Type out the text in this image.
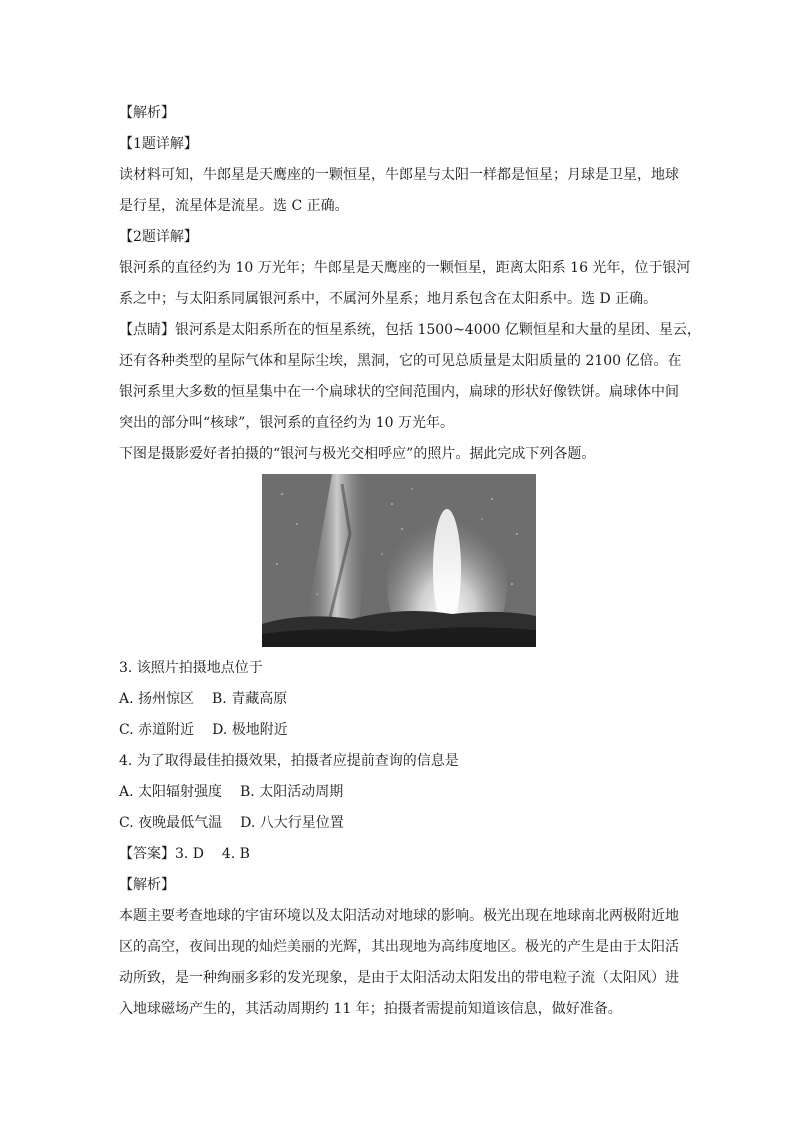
【解析】

【1题详解】

读材料可知，牛郎星是天鹰座的一颗恒星，牛郎星与太阳一样都是恒星；月球是卫星，地球

是行星，流星体是流星。选 C 正确。

【2题详解】

银河系的直径约为 10 万光年；牛郎星是天鹰座的一颗恒星，距离太阳系 16 光年，位于银河

系之中；与太阳系同属银河系中，不属河外星系；地月系包含在太阳系中。选 D 正确。

【点睛】银河系是太阳系所在的恒星系统，包括 1500~4000 亿颗恒星和大量的星团、星云，

还有各种类型的星际气体和星际尘埃，黑洞，它的可见总质量是太阳质量的 2100 亿倍。在

银河系里大多数的恒星集中在一个扁球状的空间范围内，扁球的形状好像铁饼。扁球体中间

突出的部分叫“核球”，银河系的直径约为 10 万光年。

下图是摄影爱好者拍摄的“银河与极光交相呼应”的照片。据此完成下列各题。

3. 该照片拍摄地点位于

A. 扬州惊区 B. 青藏高原

C. 赤道附近 D. 极地附近

4. 为了取得最佳拍摄效果，拍摄者应提前查询的信息是

A. 太阳辐射强度 B. 太阳活动周期

C. 夜晚最低气温 D. 八大行星位置

【答案】3. D    4. B

【解析】

本题主要考查地球的宇宙环境以及太阳活动对地球的影响。极光出现在地球南北两极附近地

区的高空，夜间出现的灿烂美丽的光辉，其出现地为高纬度地区。极光的产生是由于太阳活

动所致，是一种绚丽多彩的发光现象，是由于太阳活动太阳发出的带电粒子流（太阳风）进

入地球磁场产生的，其活动周期约 11 年；拍摄者需提前知道该信息，做好准备。
